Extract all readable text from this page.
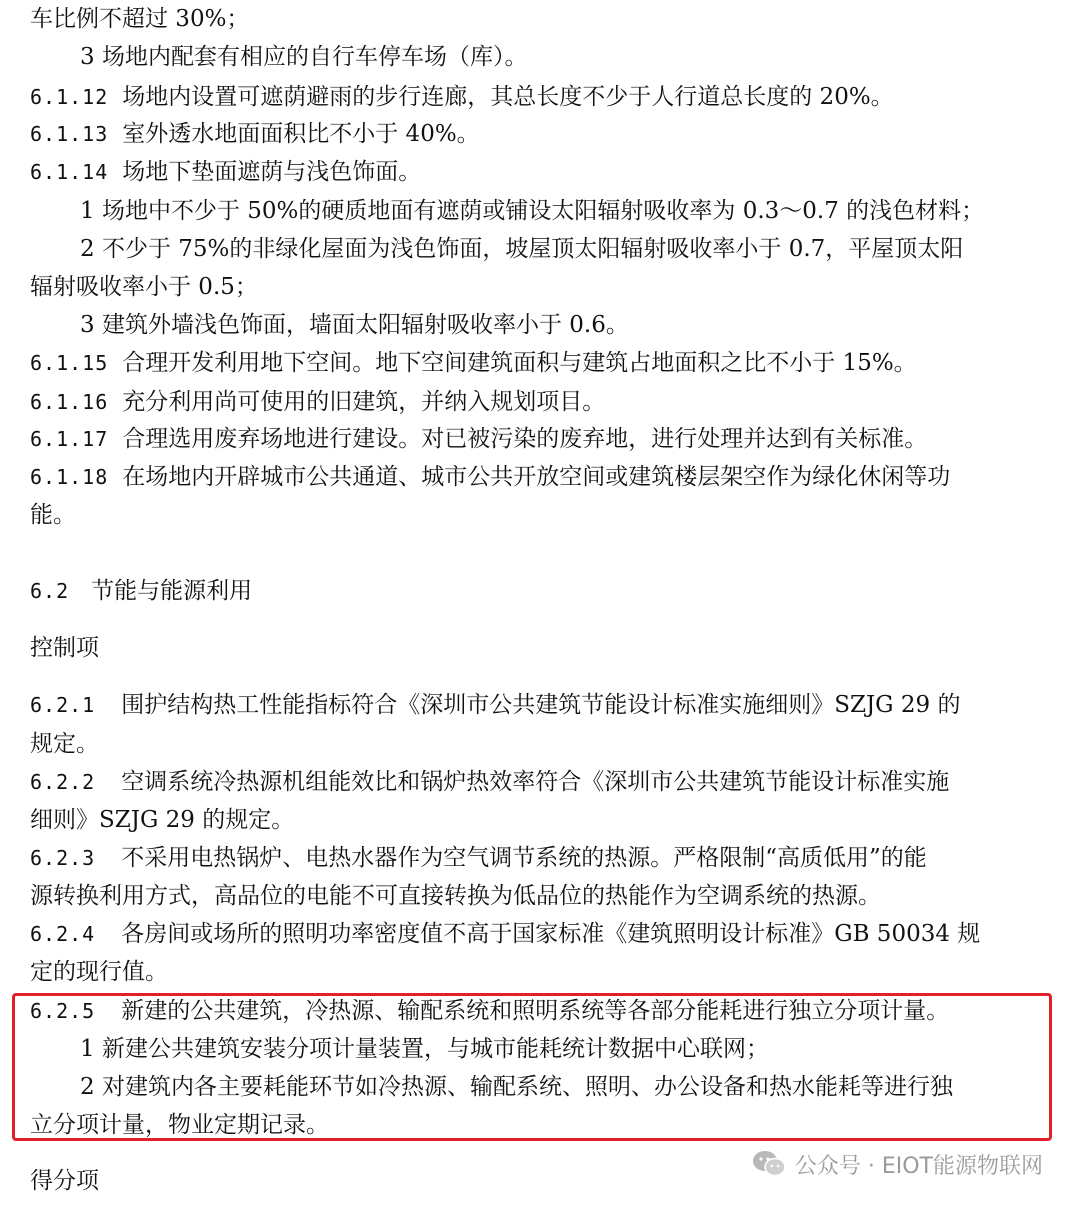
车比例不超过 30%；
3 场地内配套有相应的自行车停车场（库）。
6.1.12 场地内设置可遮荫避雨的步行连廊，其总长度不少于人行道总长度的 20%。
6.1.13 室外透水地面面积比不小于 40%。
6.1.14 场地下垫面遮荫与浅色饰面。
1 场地中不少于 50%的硬质地面有遮荫或铺设太阳辐射吸收率为 0.3～0.7 的浅色材料；
2 不少于 75%的非绿化屋面为浅色饰面，坡屋顶太阳辐射吸收率小于 0.7，平屋顶太阳
辐射吸收率小于 0.5；
3 建筑外墙浅色饰面，墙面太阳辐射吸收率小于 0.6。
6.1.15 合理开发利用地下空间。地下空间建筑面积与建筑占地面积之比不小于 15%。
6.1.16 充分利用尚可使用的旧建筑，并纳入规划项目。
6.1.17 合理选用废弃场地进行建设。对已被污染的废弃地，进行处理并达到有关标准。
6.1.18 在场地内开辟城市公共通道、城市公共开放空间或建筑楼层架空作为绿化休闲等功
能。
6.2 节能与能源利用
控制项
6.2.1 围护结构热工性能指标符合《深圳市公共建筑节能设计标准实施细则》SZJG 29 的
规定。
6.2.2 空调系统冷热源机组能效比和锅炉热效率符合《深圳市公共建筑节能设计标准实施
细则》SZJG 29 的规定。
6.2.3 不采用电热锅炉、电热水器作为空气调节系统的热源。严格限制“高质低用”的能
源转换利用方式，高品位的电能不可直接转换为低品位的热能作为空调系统的热源。
6.2.4 各房间或场所的照明功率密度值不高于国家标准《建筑照明设计标准》GB 50034 规
定的现行值。
6.2.5 新建的公共建筑，冷热源、输配系统和照明系统等各部分能耗进行独立分项计量。
1 新建公共建筑安装分项计量装置，与城市能耗统计数据中心联网；
2 对建筑内各主要耗能环节如冷热源、输配系统、照明、办公设备和热水能耗等进行独
立分项计量，物业定期记录。
得分项
公众号 · EIOT能源物联网
